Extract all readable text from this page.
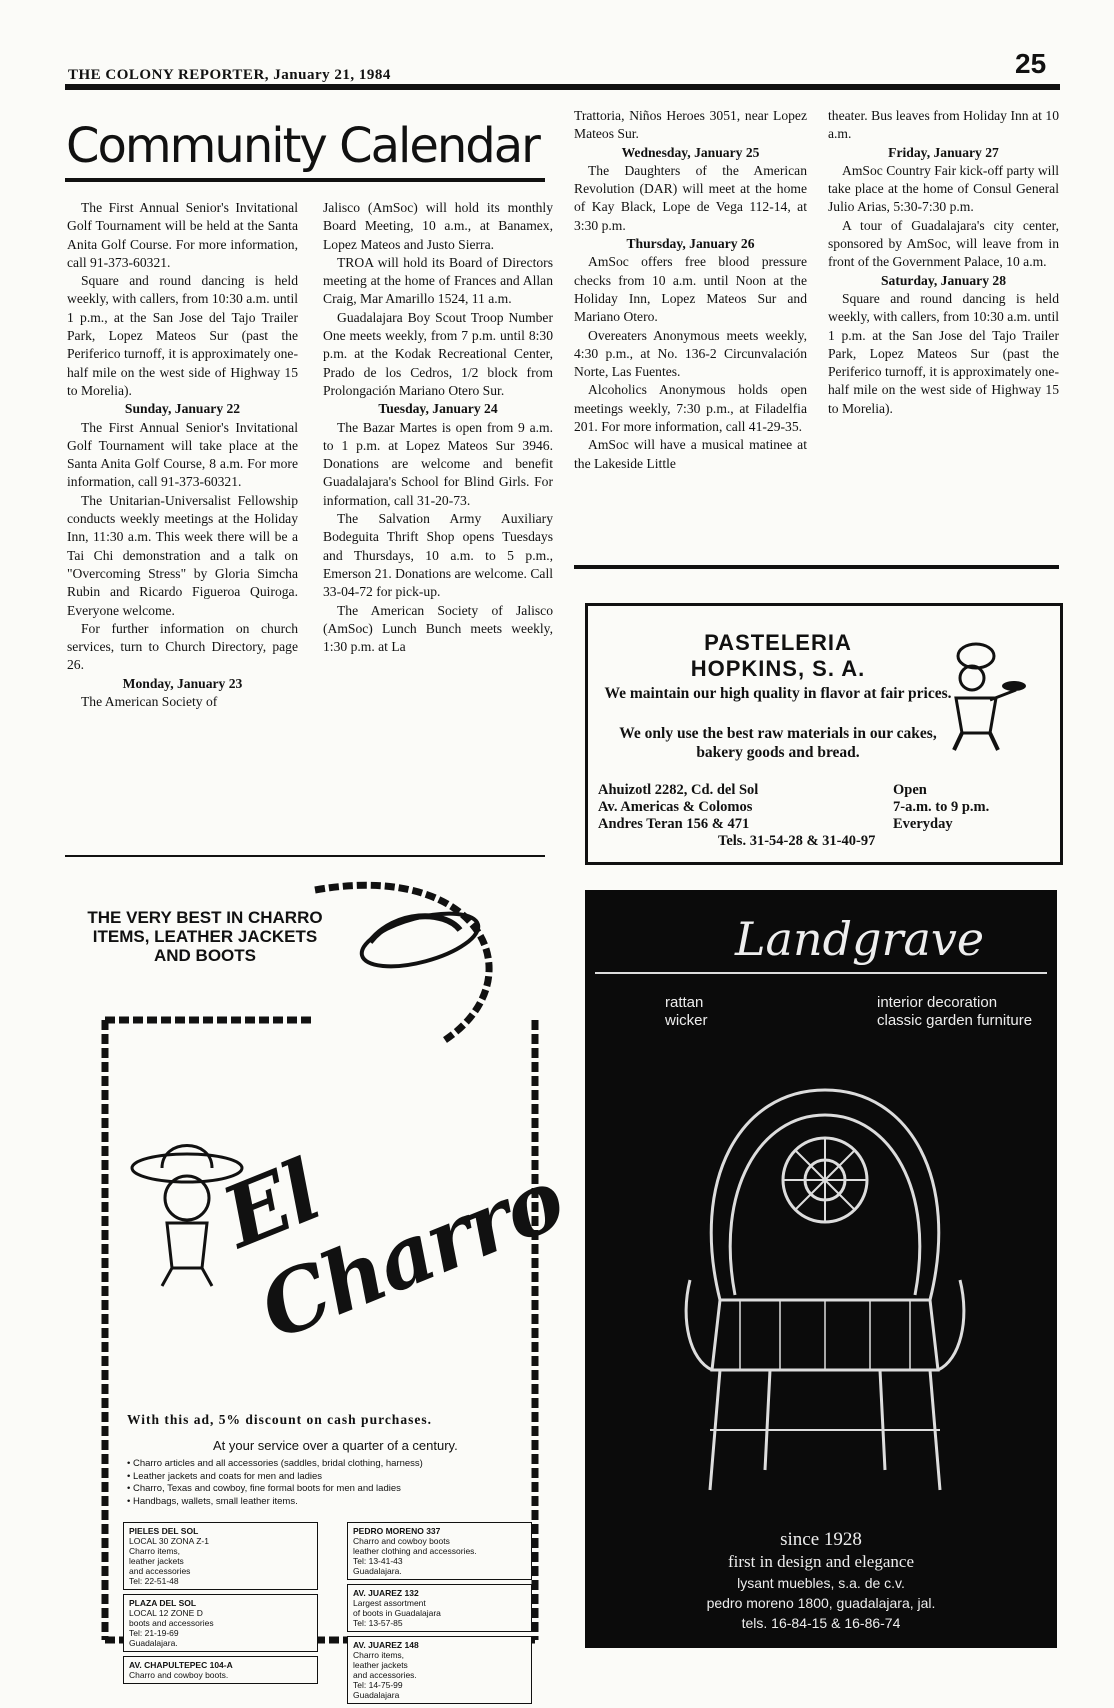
THE COLONY REPORTER, January 21, 1984	25
Community Calendar

The First Annual Senior's Invitational Golf Tournament will be held at the Santa Anita Golf Course. For more information, call 91-373-60321.

Square and round dancing is held weekly, with callers, from 10:30 a.m. until 1 p.m., at the San Jose del Tajo Trailer Park, Lopez Mateos Sur (past the Periferico turnoff, it is approximately one-half mile on the west side of Highway 15 to Morelia).

Sunday, January 22

The First Annual Senior's Invitational Golf Tournament will take place at the Santa Anita Golf Course, 8 a.m. For more information, call 91-373-60321.

The Unitarian-Universalist Fellowship conducts weekly meetings at the Holiday Inn, 11:30 a.m. This week there will be a Tai Chi demonstration and a talk on "Overcoming Stress" by Gloria Simcha Rubin and Ricardo Figueroa Quiroga. Everyone welcome.

For further information on church services, turn to Church Directory, page 26.

Monday, January 23

The American Society of

Jalisco (AmSoc) will hold its monthly Board Meeting, 10 a.m., at Banamex, Lopez Mateos and Justo Sierra.

TROA will hold its Board of Directors meeting at the home of Frances and Allan Craig, Mar Amarillo 1524, 11 a.m.

Guadalajara Boy Scout Troop Number One meets weekly, from 7 p.m. until 8:30 p.m. at the Kodak Recreational Center, Prado de los Cedros, 1/2 block from Prolongación Mariano Otero Sur.

Tuesday, January 24

The Bazar Martes is open from 9 a.m. to 1 p.m. at Lopez Mateos Sur 3946. Donations are welcome and benefit Guadalajara's School for Blind Girls. For information, call 31-20-73.

The Salvation Army Auxiliary Bodeguita Thrift Shop opens Tuesdays and Thursdays, 10 a.m. to 5 p.m., Emerson 21. Donations are welcome. Call 33-04-72 for pick-up.

The American Society of Jalisco (AmSoc) Lunch Bunch meets weekly, 1:30 p.m. at La

Trattoria, Niños Heroes 3051, near Lopez Mateos Sur.

Wednesday, January 25

The Daughters of the American Revolution (DAR) will meet at the home of Kay Black, Lope de Vega 112-14, at 3:30 p.m.

Thursday, January 26

AmSoc offers free blood pressure checks from 10 a.m. until Noon at the Holiday Inn, Lopez Mateos Sur and Mariano Otero.

Overeaters Anonymous meets weekly, 4:30 p.m., at No. 136-2 Circunvalación Norte, Las Fuentes.

Alcoholics Anonymous holds open meetings weekly, 7:30 p.m., at Filadelfia 201. For more information, call 41-29-35.

AmSoc will have a musical matinee at the Lakeside Little

theater. Bus leaves from Holiday Inn at 10 a.m.

Friday, January 27

AmSoc Country Fair kick-off party will take place at the home of Consul General Julio Arias, 5:30-7:30 p.m.

A tour of Guadalajara's city center, sponsored by AmSoc, will leave from in front of the Government Palace, 10 a.m.

Saturday, January 28

Square and round dancing is held weekly, with callers, from 10:30 a.m. until 1 p.m. at the San Jose del Tajo Trailer Park, Lopez Mateos Sur (past the Periferico turnoff, it is approximately one-half mile on the west side of Highway 15 to Morelia).

PASTELERIA
HOPKINS, S. A.
We maintain our high quality in flavor at fair prices.
We only use the best raw materials in our cakes, bakery goods and bread.
Ahuizotl 2282, Cd. del Sol
Av. Americas & Colomos
Andres Teran 156 & 471
Open
7-a.m. to 9 p.m.
Everyday
Tels. 31-54-28 & 31-40-97
Landgrave
rattan
wicker
interior decoration
classic garden furniture
since 1928
first in design and elegance
lysant muebles, s.a. de c.v.
pedro moreno 1800, guadalajara, jal.
tels. 16-84-15 & 16-86-74
THE VERY BEST IN CHARRO ITEMS, LEATHER JACKETS AND BOOTS
El Charro
With this ad, 5% discount on cash purchases.
At your service over a quarter of a century.
• Charro articles and all accessories (saddles, bridal clothing, harness)
• Leather jackets and coats for men and ladies
• Charro, Texas and cowboy, fine formal boots for men and ladies
• Handbags, wallets, small leather items.
PIELES DEL SOL
LOCAL 30 ZONA Z-1
Charro items,
leather jackets
and accessories
Tel: 22-51-48
PLAZA DEL SOL
LOCAL 12 ZONE D
boots and accessories
Tel: 21-19-69
Guadalajara.
AV. CHAPULTEPEC 104-A
Charro and cowboy boots.
PEDRO MORENO 337
Charro and cowboy boots
leather clothing and accessories.
Tel: 13-41-43
Guadalajara.
AV. JUAREZ 132
Largest assortment
of boots in Guadalajara
Tel: 13-57-85
AV. JUAREZ 148
Charro items,
leather jackets
and accessories.
Tel: 14-75-99
Guadalajara
